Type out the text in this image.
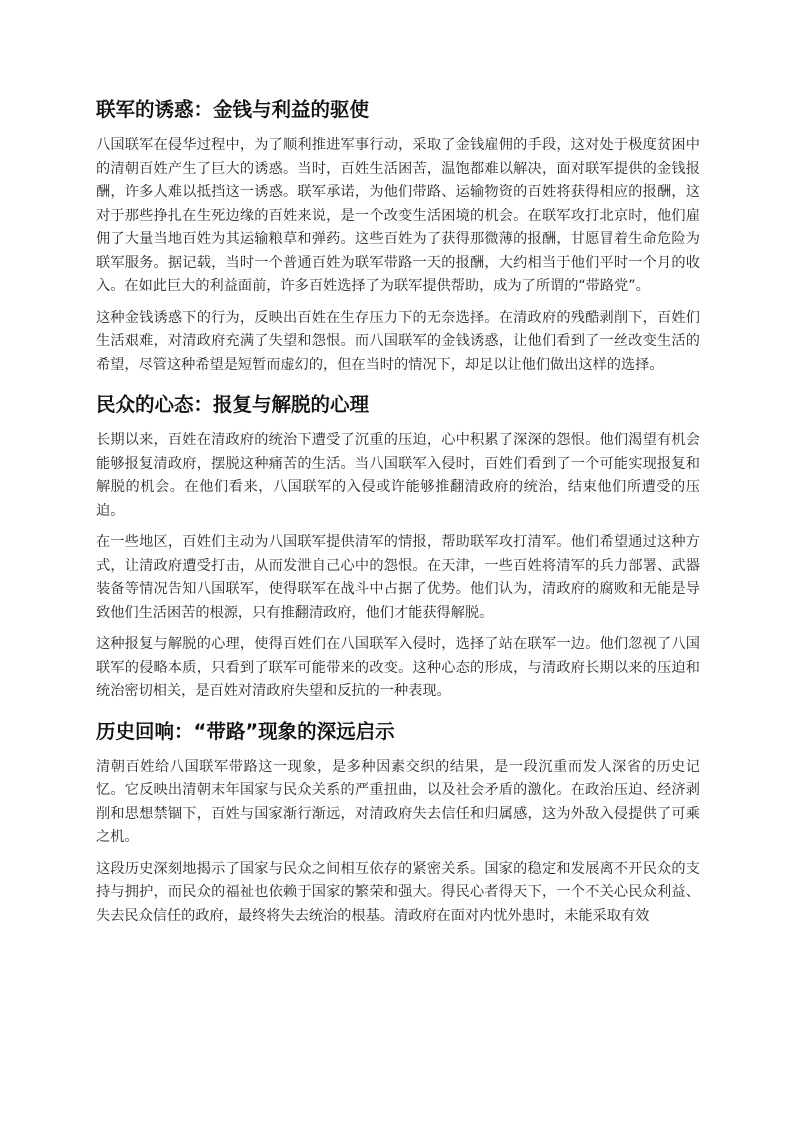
联军的诱惑：金钱与利益的驱使

八国联军在侵华过程中，为了顺利推进军事行动，采取了金钱雇佣的手段，这对处于极度贫困中的清朝百姓产生了巨大的诱惑。当时，百姓生活困苦，温饱都难以解决，面对联军提供的金钱报酬，许多人难以抵挡这一诱惑。联军承诺，为他们带路、运输物资的百姓将获得相应的报酬，这对于那些挣扎在生死边缘的百姓来说，是一个改变生活困境的机会。在联军攻打北京时，他们雇佣了大量当地百姓为其运输粮草和弹药。这些百姓为了获得那微薄的报酬，甘愿冒着生命危险为联军服务。据记载，当时一个普通百姓为联军带路一天的报酬，大约相当于他们平时一个月的收入。在如此巨大的利益面前，许多百姓选择了为联军提供帮助，成为了所谓的“带路党”。

这种金钱诱惑下的行为，反映出百姓在生存压力下的无奈选择。在清政府的残酷剥削下，百姓们生活艰难，对清政府充满了失望和怨恨。而八国联军的金钱诱惑，让他们看到了一丝改变生活的希望，尽管这种希望是短暂而虚幻的，但在当时的情况下，却足以让他们做出这样的选择。

民众的心态：报复与解脱的心理

长期以来，百姓在清政府的统治下遭受了沉重的压迫，心中积累了深深的怨恨。他们渴望有机会能够报复清政府，摆脱这种痛苦的生活。当八国联军入侵时，百姓们看到了一个可能实现报复和解脱的机会。在他们看来，八国联军的入侵或许能够推翻清政府的统治，结束他们所遭受的压迫。

在一些地区，百姓们主动为八国联军提供清军的情报，帮助联军攻打清军。他们希望通过这种方式，让清政府遭受打击，从而发泄自己心中的怨恨。在天津，一些百姓将清军的兵力部署、武器装备等情况告知八国联军，使得联军在战斗中占据了优势。他们认为，清政府的腐败和无能是导致他们生活困苦的根源，只有推翻清政府，他们才能获得解脱。

这种报复与解脱的心理，使得百姓们在八国联军入侵时，选择了站在联军一边。他们忽视了八国联军的侵略本质，只看到了联军可能带来的改变。这种心态的形成，与清政府长期以来的压迫和统治密切相关，是百姓对清政府失望和反抗的一种表现。

历史回响：“带路”现象的深远启示

清朝百姓给八国联军带路这一现象，是多种因素交织的结果，是一段沉重而发人深省的历史记忆。它反映出清朝末年国家与民众关系的严重扭曲，以及社会矛盾的激化。在政治压迫、经济剥削和思想禁锢下，百姓与国家渐行渐远，对清政府失去信任和归属感，这为外敌入侵提供了可乘之机。

这段历史深刻地揭示了国家与民众之间相互依存的紧密关系。国家的稳定和发展离不开民众的支持与拥护，而民众的福祉也依赖于国家的繁荣和强大。得民心者得天下，一个不关心民众利益、失去民众信任的政府，最终将失去统治的根基。清政府在面对内忧外患时，未能采取有效
